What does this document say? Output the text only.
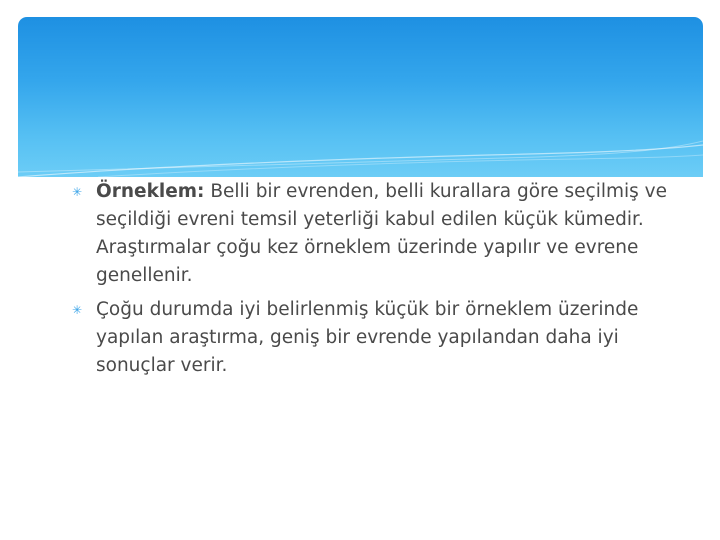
✳ Örneklem: Belli bir evrenden, belli kurallara göre seçilmiş ve seçildiği evreni temsil yeterliği kabul edilen küçük kümedir. Araştırmalar çoğu kez örneklem üzerinde yapılır ve evrene genellenir.
✳ Çoğu durumda iyi belirlenmiş küçük bir örneklem üzerinde yapılan araştırma, geniş bir evrende yapılandan daha iyi sonuçlar verir.
